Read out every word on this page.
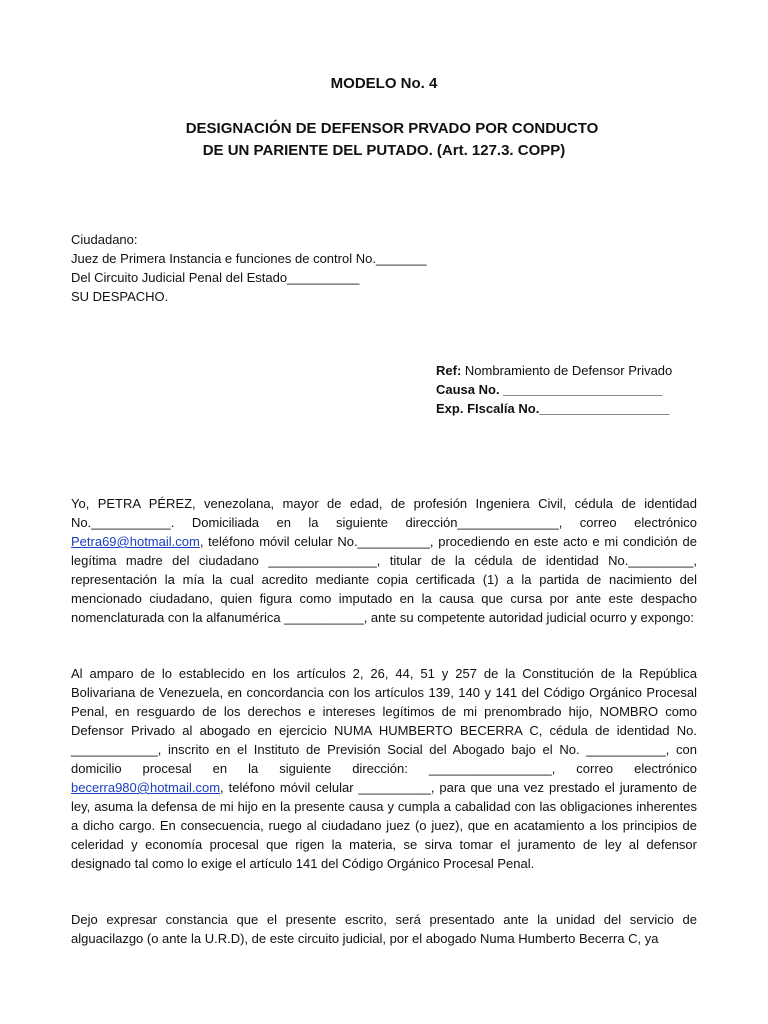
MODELO No. 4
DESIGNACIÓN DE DEFENSOR PRVADO POR CONDUCTO
DE UN PARIENTE DEL PUTADO. (Art. 127.3. COPP)
Ciudadano:
Juez de Primera Instancia e funciones de control No._______
Del Circuito Judicial Penal del Estado__________
SU DESPACHO.
Ref: Nombramiento de Defensor Privado
Causa No. ______________________
Exp. FIscalía No.__________________
Yo, PETRA PÉREZ, venezolana, mayor de edad, de profesión Ingeniera Civil, cédula de identidad No.___________. Domiciliada en la siguiente dirección______________, correo electrónico Petra69@hotmail.com, teléfono móvil celular No.__________, procediendo en este acto e mi condición de legítima madre del ciudadano _______________, titular de la cédula de identidad No._________, representación la mía la cual acredito mediante copia certificada (1) a la partida de nacimiento del mencionado ciudadano, quien figura como imputado en la causa que cursa por ante este despacho nomenclaturada con la alfanumérica ___________, ante su competente autoridad judicial ocurro y expongo:
Al amparo de lo establecido en los artículos 2, 26, 44, 51 y 257 de la Constitución de la República Bolivariana de Venezuela, en concordancia con los artículos 139, 140 y 141 del Código Orgánico Procesal Penal, en resguardo de los derechos e intereses legítimos de mi prenombrado hijo, NOMBRO como Defensor Privado al abogado en ejercicio NUMA HUMBERTO BECERRA C, cédula de identidad No. ____________, inscrito en el Instituto de Previsión Social del Abogado bajo el No. ___________, con domicilio procesal en la siguiente dirección: _________________, correo electrónico becerra980@hotmail.com, teléfono móvil celular __________, para que una vez prestado el juramento de ley, asuma la defensa de mi hijo en la presente causa y cumpla a cabalidad con las obligaciones inherentes a dicho cargo. En consecuencia, ruego al ciudadano juez (o juez), que en acatamiento a los principios de celeridad y economía procesal que rigen la materia, se sirva tomar el juramento de ley al defensor designado tal como lo exige el artículo 141 del Código Orgánico Procesal Penal.
Dejo expresar constancia que el presente escrito, será presentado ante la unidad del servicio de alguacilazgo (o ante la U.R.D), de este circuito judicial, por el abogado Numa Humberto Becerra C, ya
